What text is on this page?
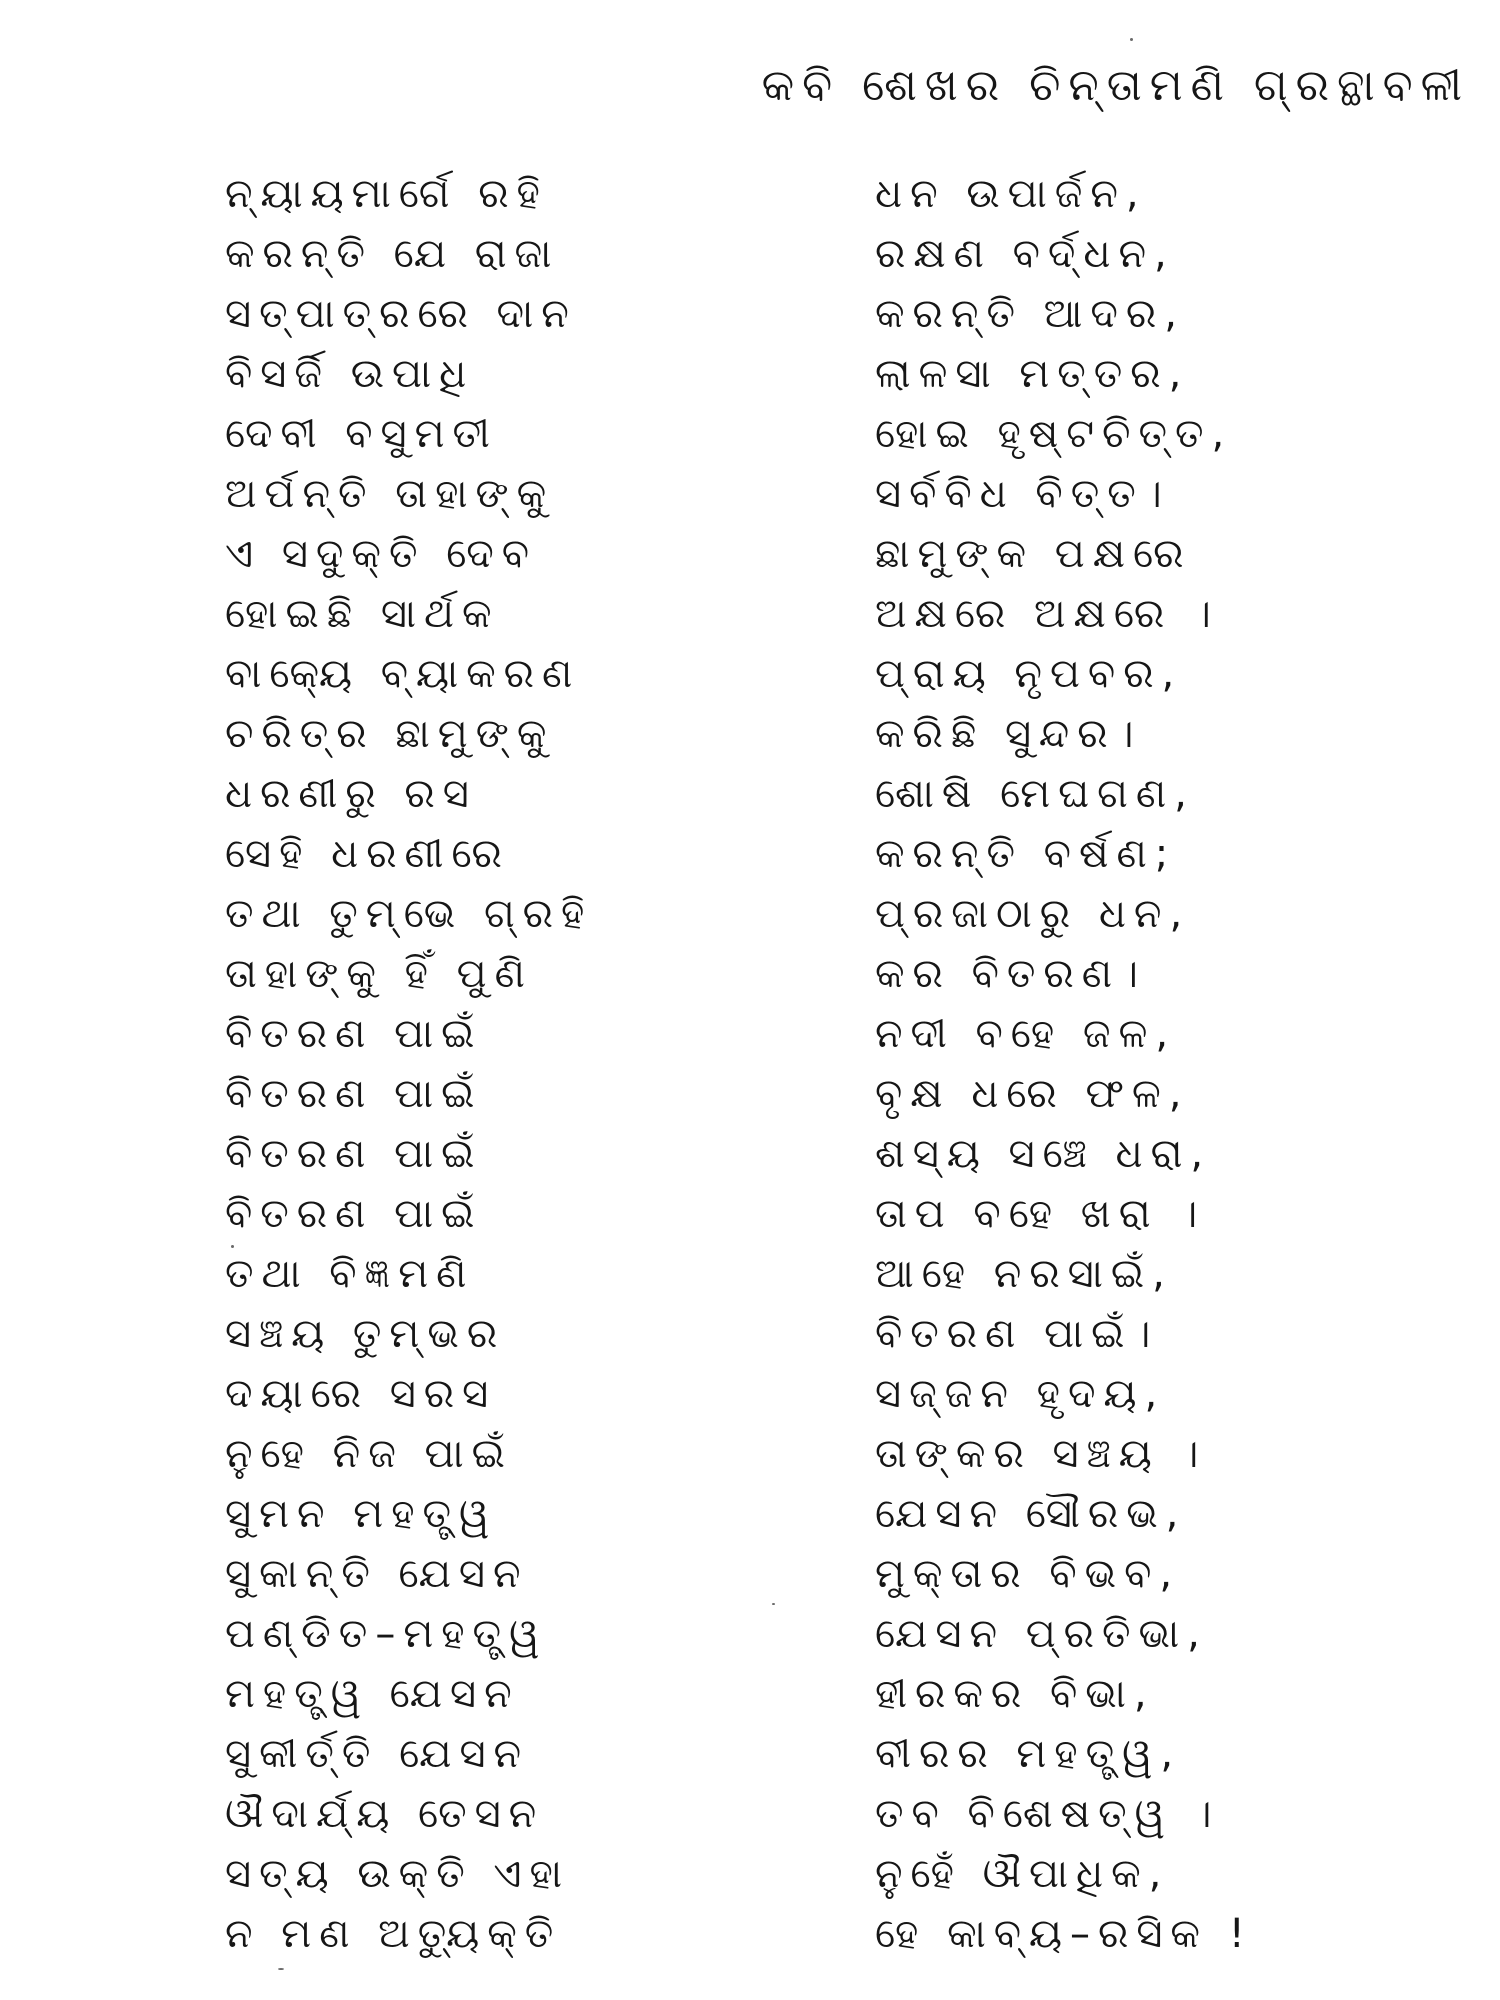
କବି ଶେଖର ଚିନ୍ତାମଣି ଗ୍ରନ୍ଥାବଳୀ
ନ୍ୟାୟମାର୍ଗେ ରହି	ଧନ ଉପାର୍ଜନ,
କରନ୍ତି ଯେ ରାଜା	ରକ୍ଷଣ ବର୍ଦ୍ଧନ,
ସତ୍‌ପାତ୍ରରେ ଦାନ	କରନ୍ତି ଆଦର,
ବିସର୍ଜି ଉପାଧି	ଲାଳସା ମତ୍ତର,
ଦେବୀ ବସୁମତୀ	ହୋଇ ହୃଷ୍ଟଚିତ୍ତ,
ଅର୍ପନ୍ତି ତାହାଙ୍କୁ	ସର୍ବବିଧ ବିତ୍ତ।
ଏ ସଦୁକ୍ତି ଦେବ	ଛାମୁଙ୍କ ପକ୍ଷରେ
ହୋଇଛି ସାର୍ଥକ	ଅକ୍ଷରେ ଅକ୍ଷରେ ।
ବାକ୍ୟେ ବ୍ୟାକରଣ	ପ୍ରାୟ ନୃପବର,
ଚରିତ୍ର ଛାମୁଙ୍କୁ	କରିଛି ସୁନ୍ଦର।
ଧରଣୀରୁ ରସ	ଶୋଷି ମେଘଗଣ,
ସେହି ଧରଣୀରେ	କରନ୍ତି ବର୍ଷଣ;
ତଥା ତୁମ୍ଭେ ଗ୍ରହି	ପ୍ରଜାଠାରୁ ଧନ,
ତାହାଙ୍କୁ ହିଁ ପୁଣି	କର ବିତରଣ।
ବିତରଣ ପାଇଁ	ନଦୀ ବହେ ଜଳ,
ବିତରଣ ପାଇଁ	ବୃକ୍ଷ ଧରେ ଫଳ,
ବିତରଣ ପାଇଁ	ଶସ୍ୟ ସଞ୍ଚେ ଧରା,
ବିତରଣ ପାଇଁ	ତାପ ବହେ ଖରା ।
ତଥା ବିଜ୍ଞମଣି	ଆହେ ନରସାଇଁ,
ସଞ୍ଚୟ ତୁମ୍ଭର	ବିତରଣ ପାଇଁ।
ଦୟାରେ ସରସ	ସଜ୍ଜନ ହୃଦୟ,
ନୁହେ ନିଜ ପାଇଁ	ତାଙ୍କର ସଞ୍ଚୟ ।
ସୁମନ ମହତ୍ତ୍ୱ	ଯେସନ ସୌରଭ,
ସୁକାନ୍ତି ଯେସନ	ମୁକ୍ତାର ବିଭବ,
ପଣ୍ଡିତ–ମହତ୍ତ୍ୱ	ଯେସନ ପ୍ରତିଭା,
ମହତ୍ତ୍ୱ ଯେସନ	ହୀରକର ବିଭା,
ସୁକୀର୍ତ୍ତି ଯେସନ	ବୀରର ମହତ୍ତ୍ୱ,
ଔଦାର୍ଯ୍ୟ ତେସନ	ତବ ବିଶେଷତ୍ୱ ।
ସତ୍ୟ ଉକ୍ତି ଏହା	ନୁହେଁ ଔପାଧିକ,
ନ ମଣ ଅତ୍ୟୁକ୍ତି	ହେ କାବ୍ୟ–ରସିକ !
